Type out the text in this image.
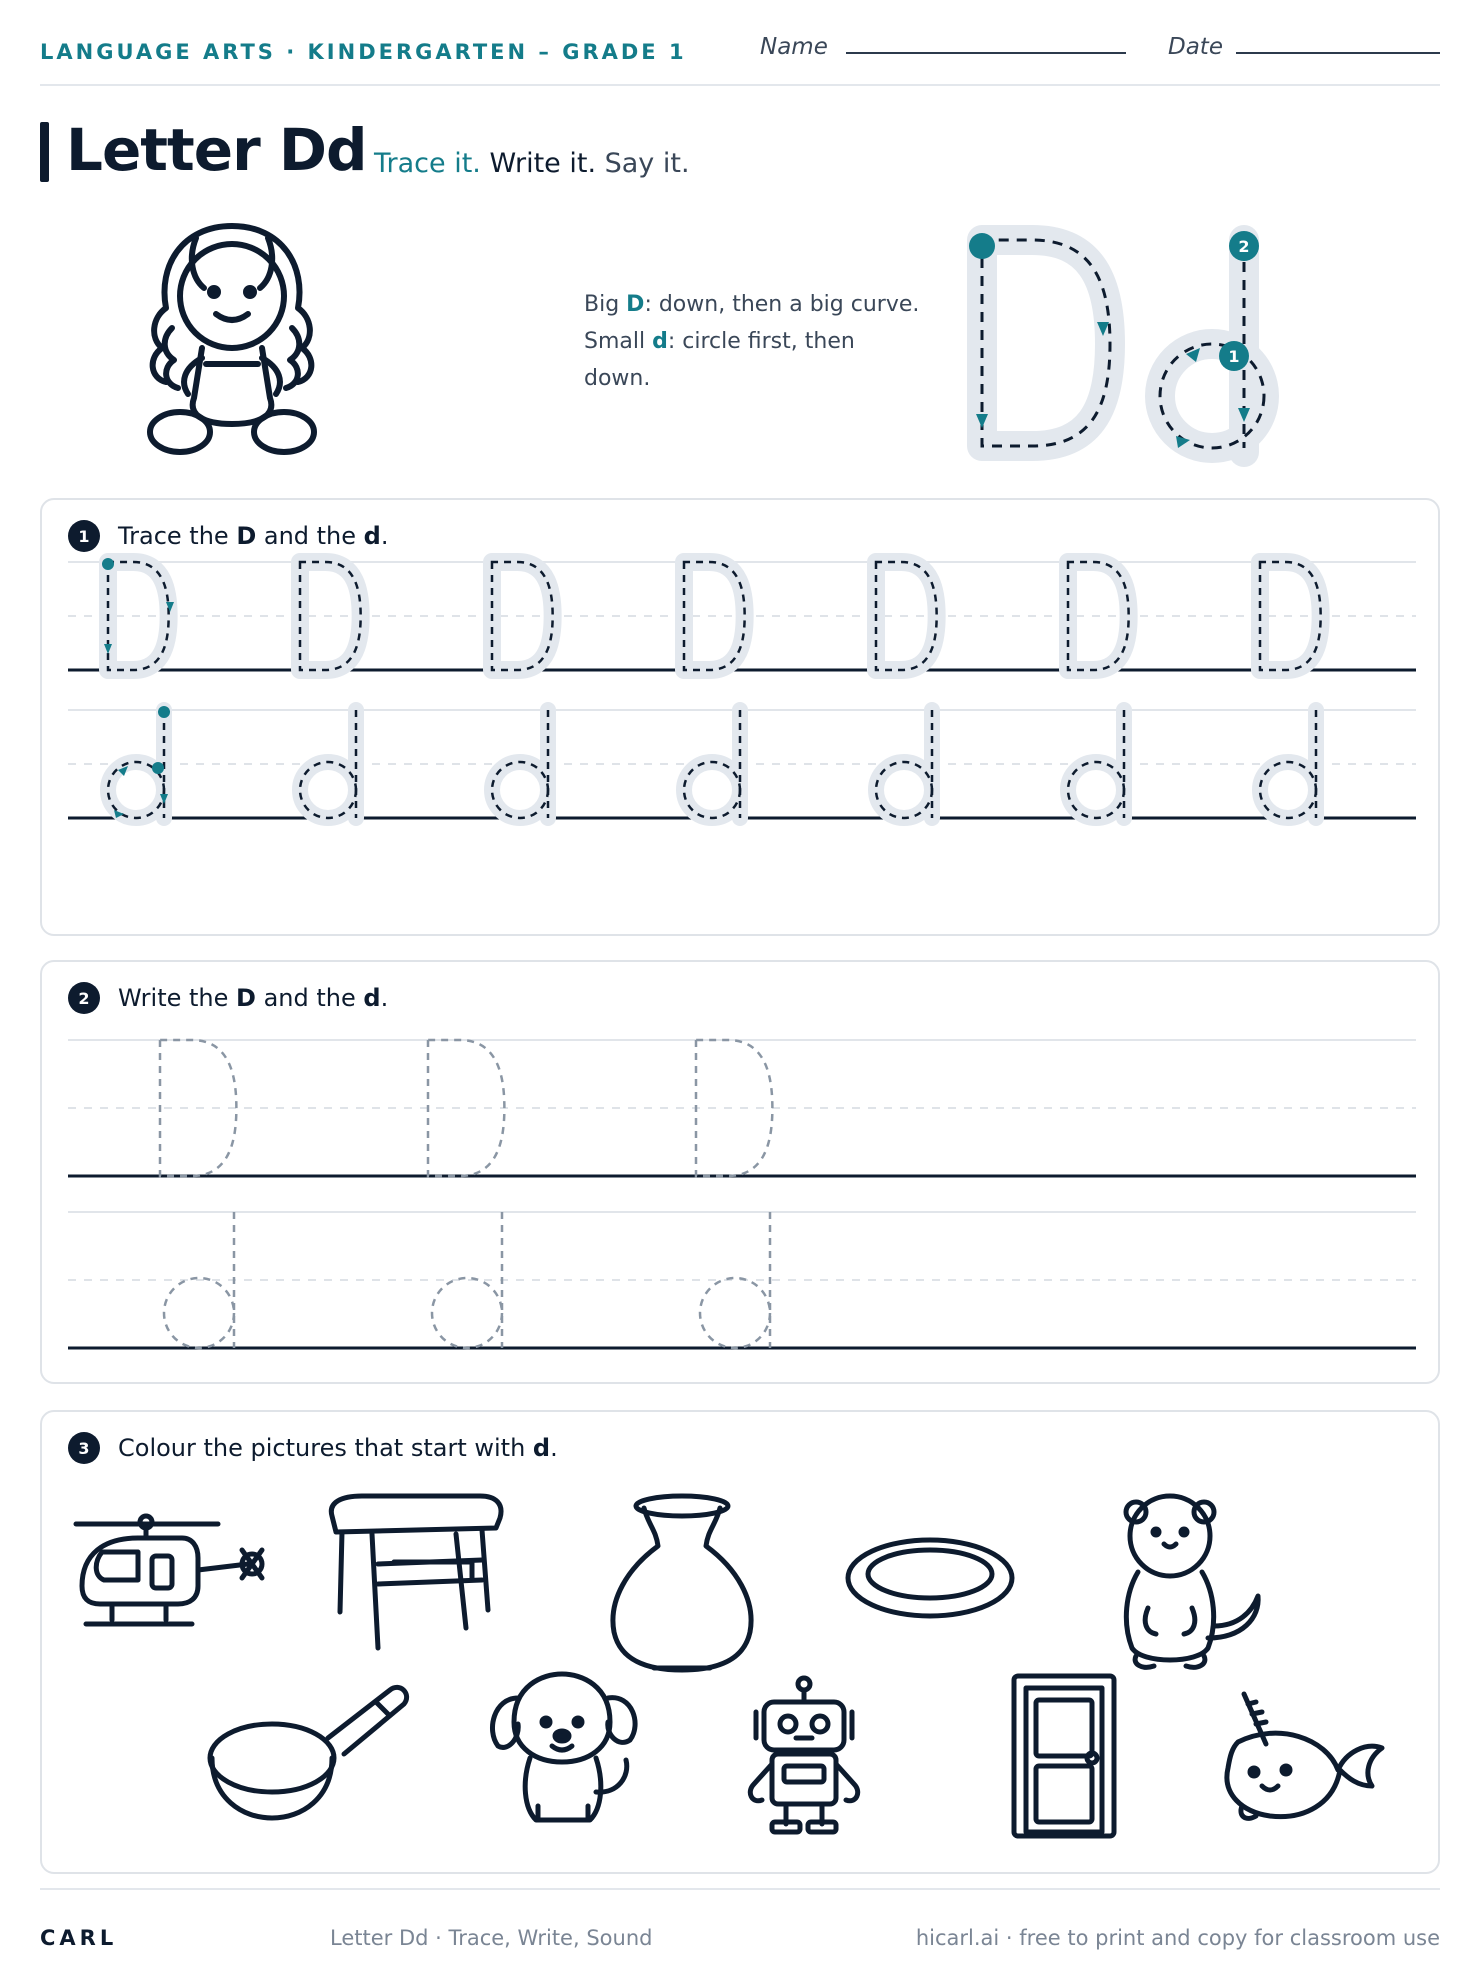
LANGUAGE ARTS · KINDERGARTEN – GRADE 1	Name	Date
Letter Dd Trace it. Write it. Say it.
Big D: down, then a big curve.
Small d: circle first, then down.
2
1
1	Trace the D and the d.
2	Write the D and the d.
3	Colour the pictures that start with d.
CARL	Letter Dd · Trace, Write, Sound	hicarl.ai · free to print and copy for classroom use
